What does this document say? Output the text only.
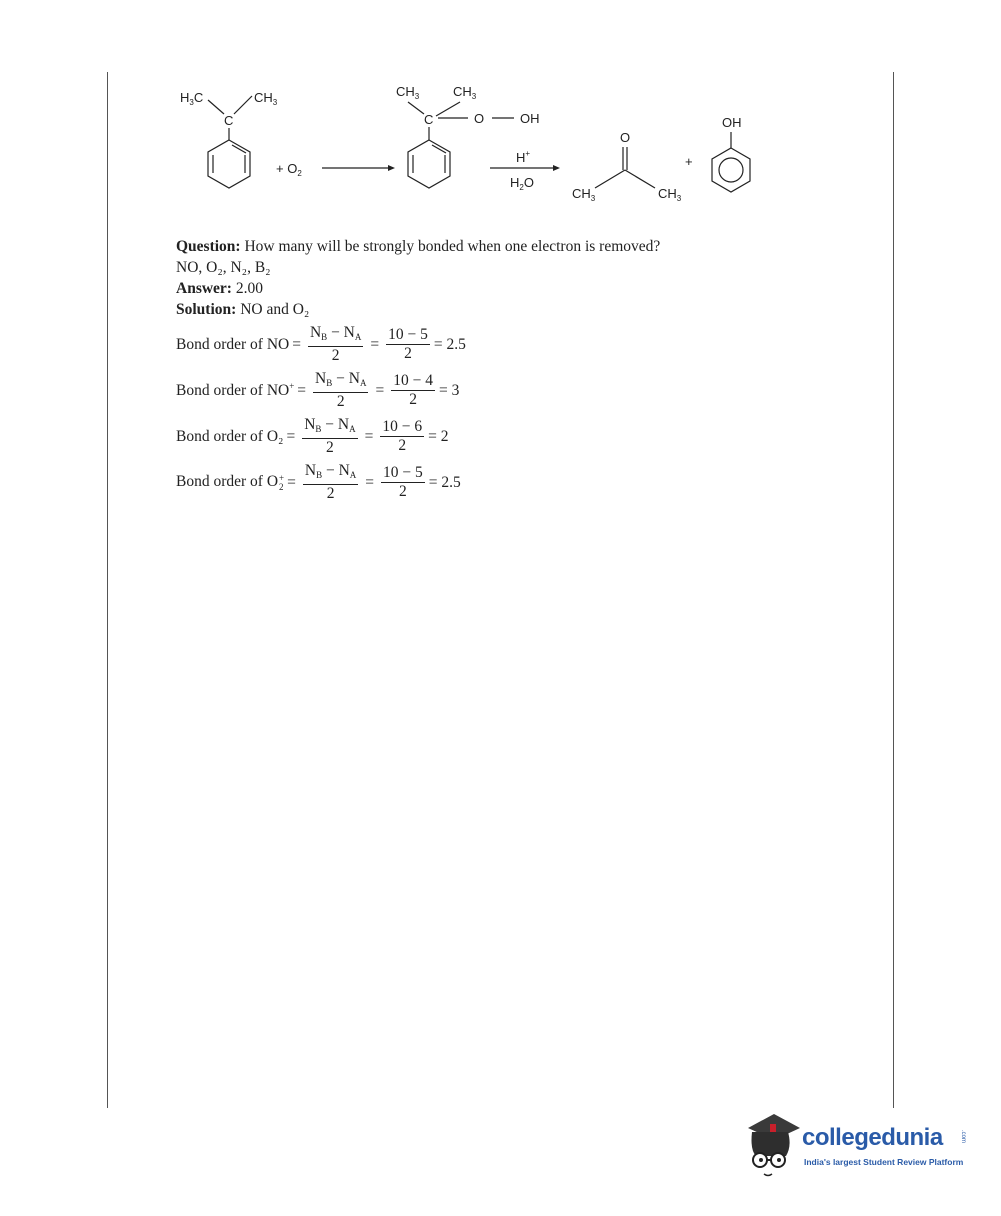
$H_3C$	$CH_3$
C
+ $O_2$
$CH_3$	$CH_3$
C	O	OH
H+
$H_2O$
O
$CH_3$	$CH_3$
+
OH
Question: How many will be strongly bonded when one electron is removed?
NO, O₂, N₂, B₂
Answer: 2.00
Solution: NO and O₂
Bond order of NO = $\frac{N_B - N_A}{2} = \frac{10 - 5}{2} = 2.5$
Bond order of $NO^+ = \frac{N_B - N_A}{2} = \frac{10 - 4}{2} = 3$
Bond order of $O_2 = \frac{N_B - N_A}{2} = \frac{10 - 6}{2} = 2$
Bond order of O +
$2 = \frac{N_B - N_A}{2} = \frac{10 - 5}{2} = 2.5$
collegedunia	.com
India's largest Student Review Platform
